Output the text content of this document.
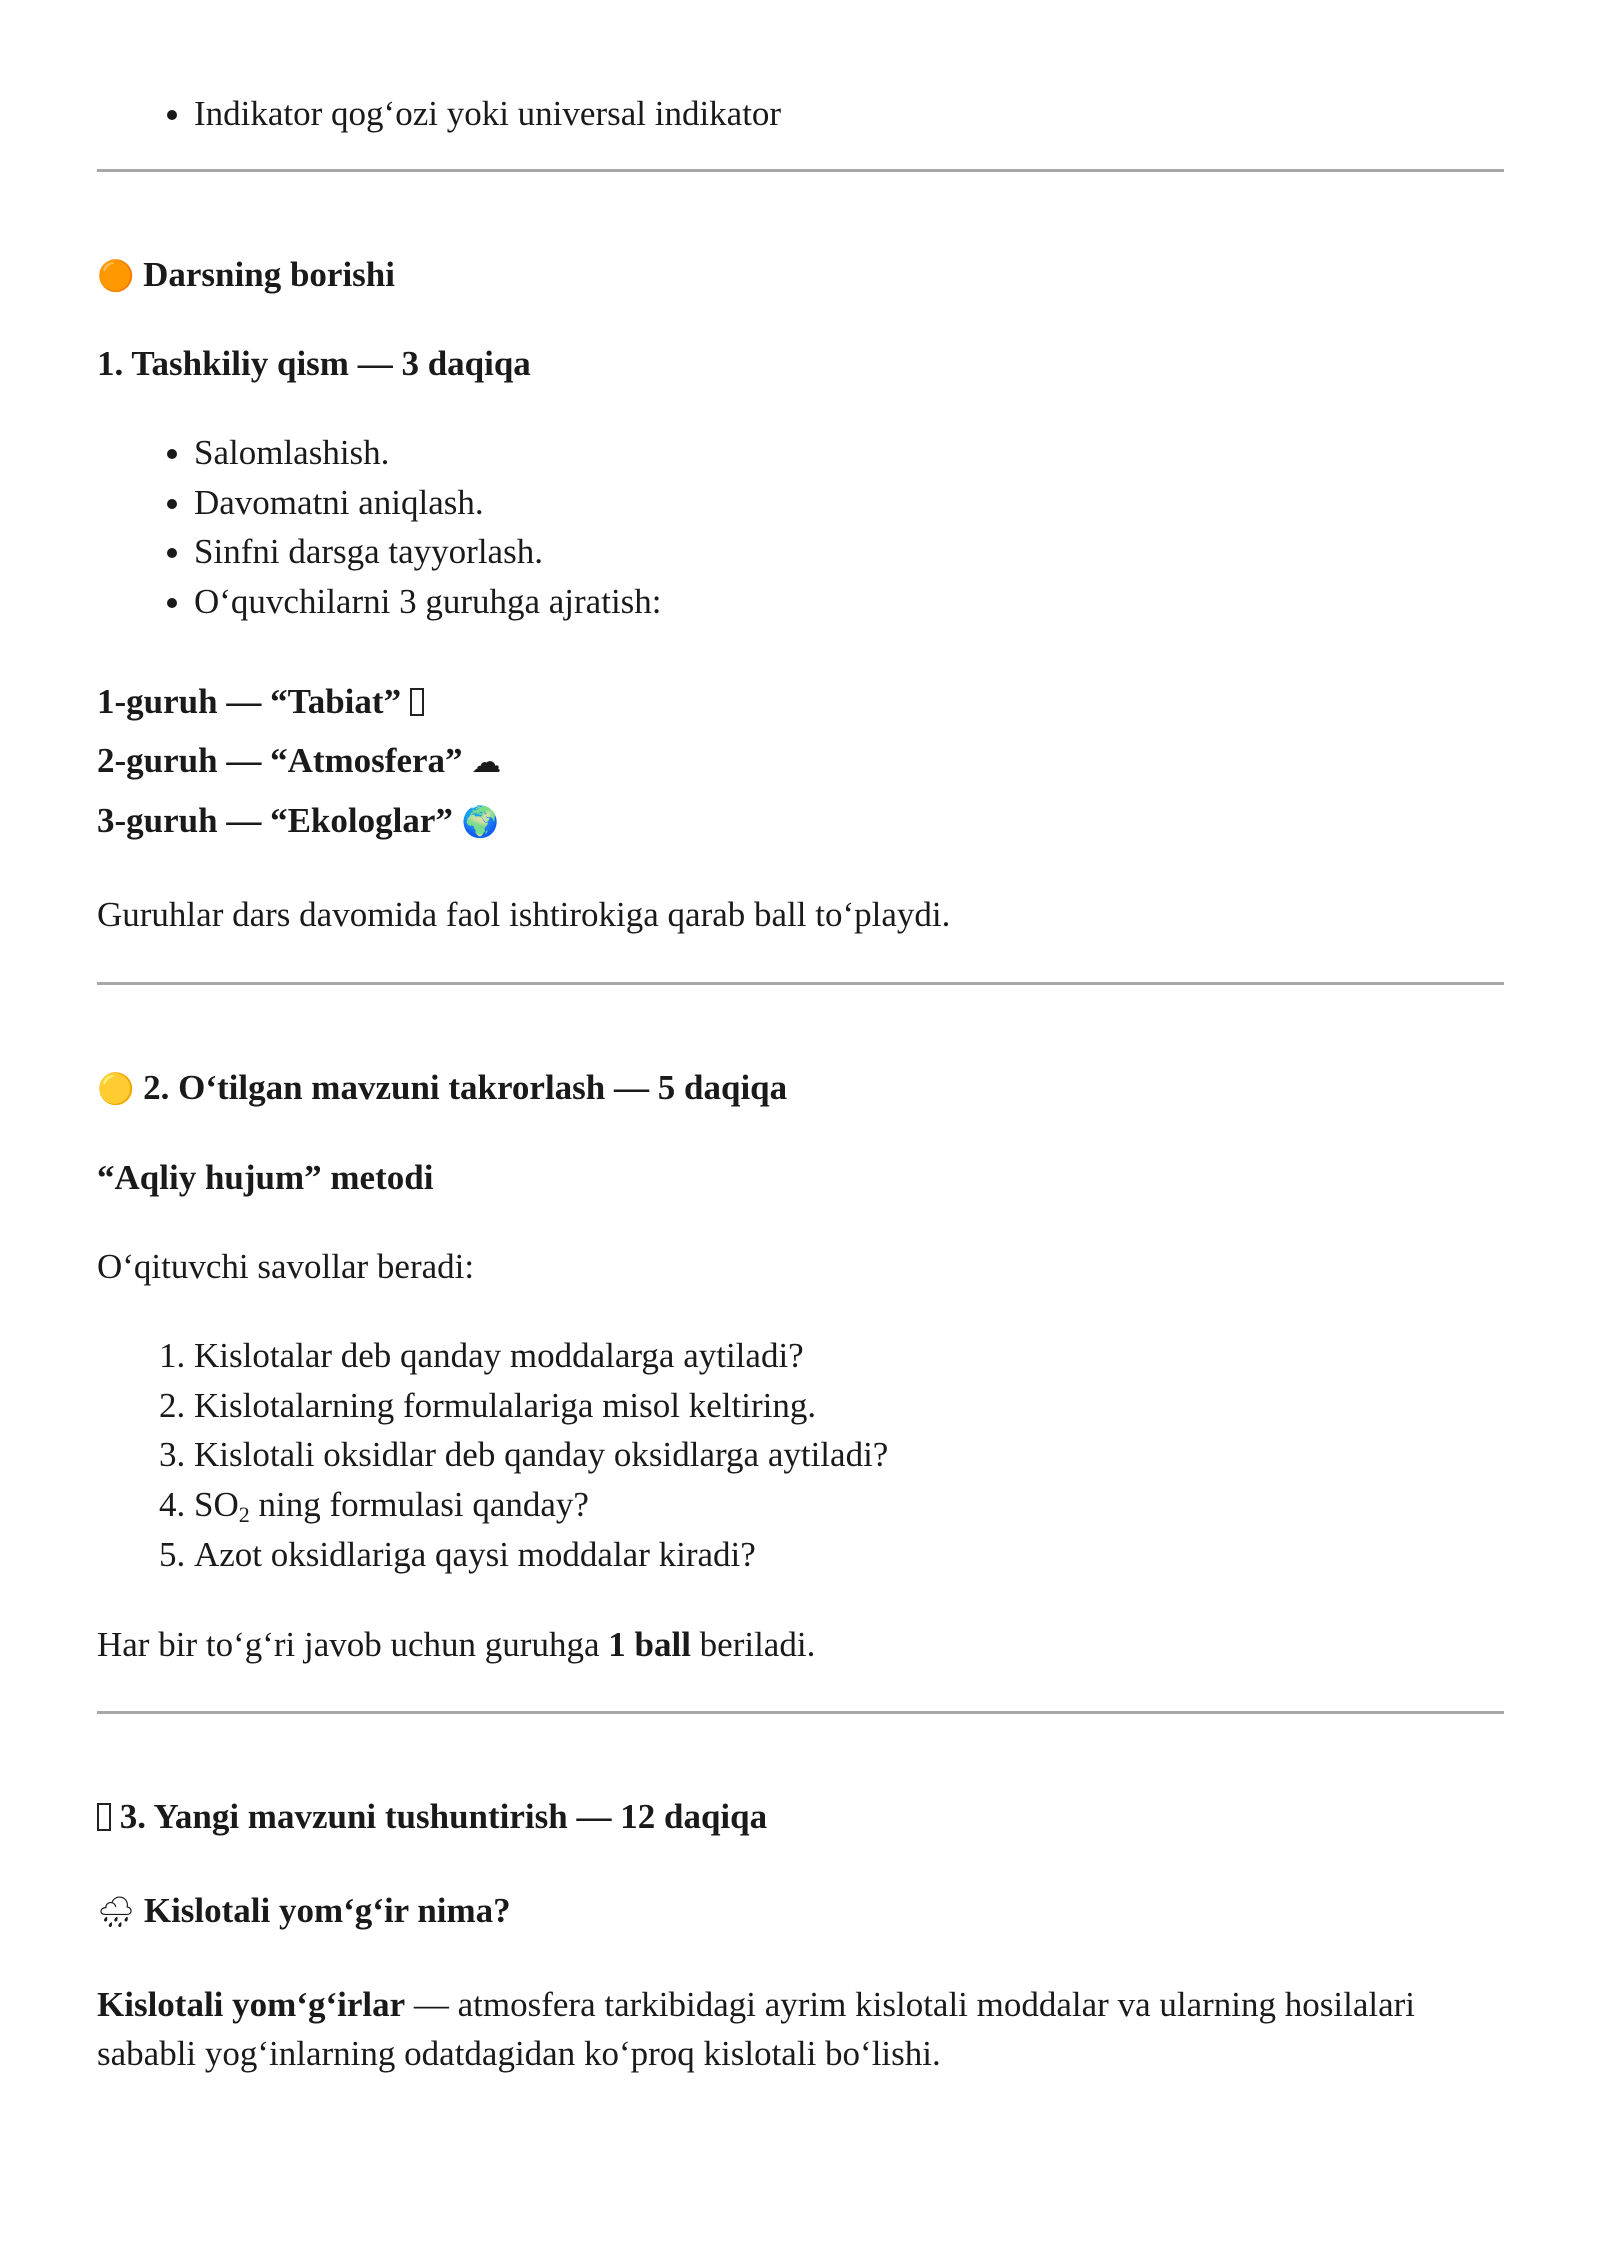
• Indikator qog‘ozi yoki universal indikator
🟠 Darsning borishi
1. Tashkiliy qism — 3 daqiqa
• Salomlashish.
• Davomatni aniqlash.
• Sinfni darsga tayyorlash.
• O‘quvchilarni 3 guruhga ajratish:
1-guruh — “Tabiat”
2-guruh — “Atmosfera” ☁
3-guruh — “Ekologlar” 🌍

Guruhlar dars davomida faol ishtirokiga qarab ball to‘playdi.

🟡 2. O‘tilgan mavzuni takrorlash — 5 daqiqa
“Aqliy hujum” metodi

O‘qituvchi savollar beradi:

1. Kislotalar deb qanday moddalarga aytiladi?
2. Kislotalarning formulalariga misol keltiring.
3. Kislotali oksidlar deb qanday oksidlarga aytiladi?
4. $SO_2$ ning formulasi qanday?
5. Azot oksidlariga qaysi moddalar kiradi?

Har bir to‘g‘ri javob uchun guruhga 1 ball beriladi.

3. Yangi mavzuni tushuntirish — 12 daqiqa
🌧 Kislotali yom‘g‘ir nima?

Kislotali yom‘g‘irlar — atmosfera tarkibidagi ayrim kislotali moddalar va ularning hosilalari sababli yog‘inlarning odatdagidan ko‘proq kislotali bo‘lishi.
